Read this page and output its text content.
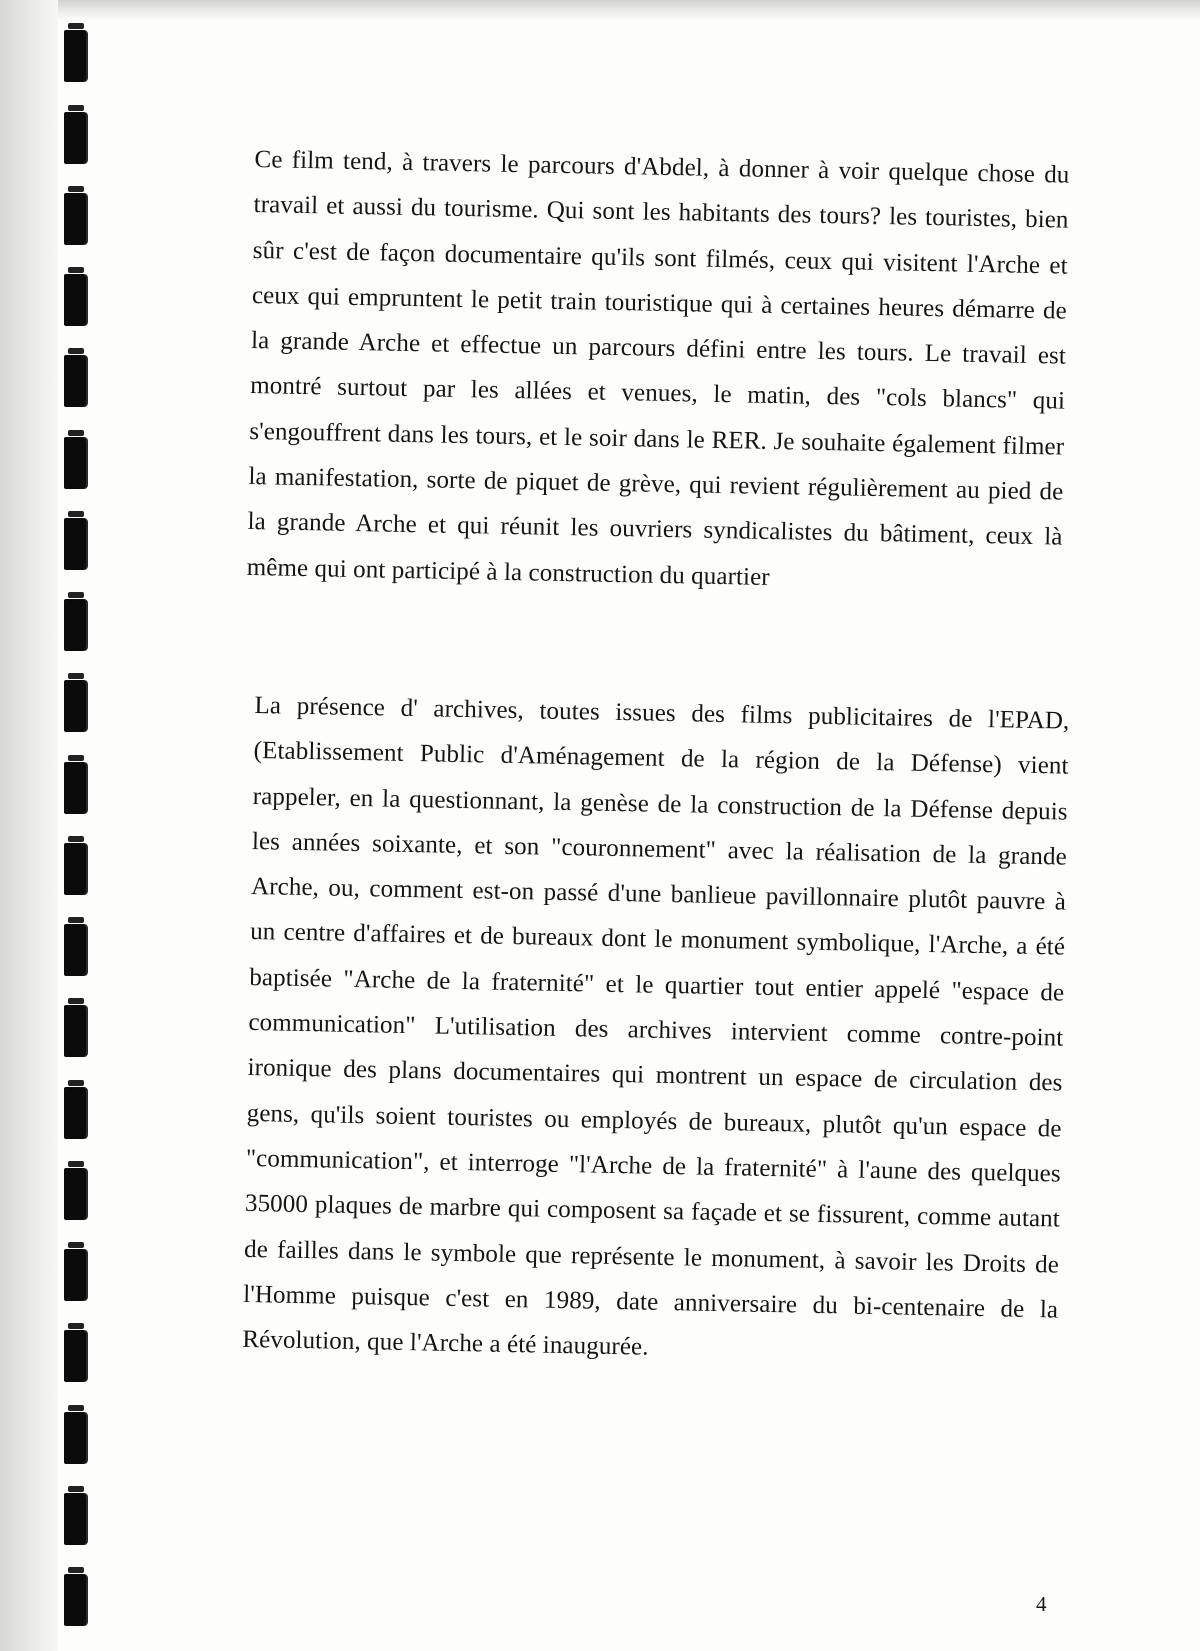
Ce film tend, à travers le parcours d'Abdel, à donner à voir quelque chose du travail et aussi du tourisme. Qui sont les habitants des tours? les touristes, bien sûr c'est de façon documentaire qu'ils sont filmés, ceux qui visitent l'Arche et ceux qui empruntent le petit train touristique qui à certaines heures démarre de la grande Arche et effectue un parcours défini entre les tours. Le travail est montré surtout par les allées et venues, le matin, des "cols blancs" qui s'engouffrent dans les tours, et le soir dans le RER. Je souhaite également filmer la manifestation, sorte de piquet de grève, qui revient régulièrement au pied de la grande Arche et qui réunit les ouvriers syndicalistes du bâtiment, ceux là même qui ont participé à la construction du quartier

La présence d' archives, toutes issues des films publicitaires de l'EPAD, (Etablissement Public d'Aménagement de la région de la Défense) vient rappeler, en la questionnant, la genèse de la construction de la Défense depuis les années soixante, et son "couronnement" avec la réalisation de la grande Arche, ou, comment est-on passé d'une banlieue pavillonnaire plutôt pauvre à un centre d'affaires et de bureaux dont le monument symbolique, l'Arche, a été baptisée "Arche de la fraternité" et le quartier tout entier appelé "espace de communication" L'utilisation des archives intervient comme contre-point ironique des plans documentaires qui montrent un espace de circulation des gens, qu'ils soient touristes ou employés de bureaux, plutôt qu'un espace de "communication", et interroge "l'Arche de la fraternité" à l'aune des quelques 35000 plaques de marbre qui composent sa façade et se fissurent, comme autant de failles dans le symbole que représente le monument, à savoir les Droits de l'Homme puisque c'est en 1989, date anniversaire du bi-centenaire de la Révolution, que l'Arche a été inaugurée.

4
